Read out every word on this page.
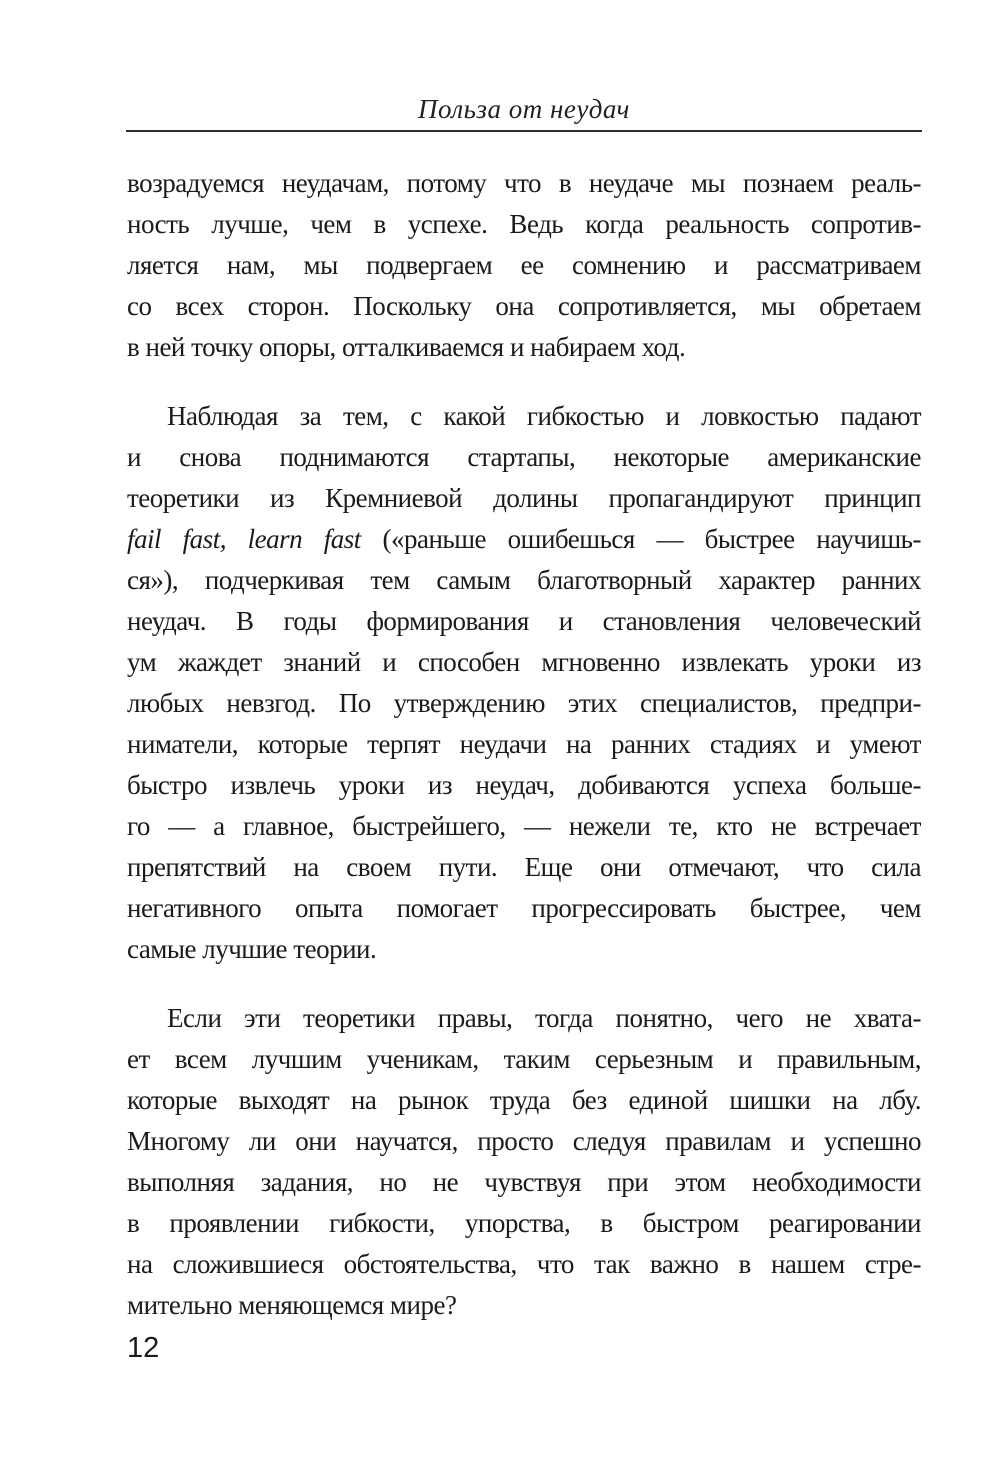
Польза от неудач
возрадуемся неудачам, потому что в неудаче мы познаем реаль-
ность лучше, чем в успехе. Ведь когда реальность сопротив-
ляется нам, мы подвергаем ее сомнению и рассматриваем
со всех сторон. Поскольку она сопротивляется, мы обретаем
в ней точку опоры, отталкиваемся и набираем ход.
Наблюдая за тем, с какой гибкостью и ловкостью падают
и снова поднимаются стартапы, некоторые американские
теоретики из Кремниевой долины пропагандируют принцип
fail fast, learn fast («раньше ошибешься — быстрее научишь-
ся»), подчеркивая тем самым благотворный характер ранних
неудач. В годы формирования и становления человеческий
ум жаждет знаний и способен мгновенно извлекать уроки из
любых невзгод. По утверждению этих специалистов, предпри-
ниматели, которые терпят неудачи на ранних стадиях и умеют
быстро извлечь уроки из неудач, добиваются успеха больше-
го — а главное, быстрейшего, — нежели те, кто не встречает
препятствий на своем пути. Еще они отмечают, что сила
негативного опыта помогает прогрессировать быстрее, чем
самые лучшие теории.
Если эти теоретики правы, тогда понятно, чего не хвата-
ет всем лучшим ученикам, таким серьезным и правильным,
которые выходят на рынок труда без единой шишки на лбу.
Многому ли они научатся, просто следуя правилам и успешно
выполняя задания, но не чувствуя при этом необходимости
в проявлении гибкости, упорства, в быстром реагировании
на сложившиеся обстоятельства, что так важно в нашем стре-
мительно меняющемся мире?
12
